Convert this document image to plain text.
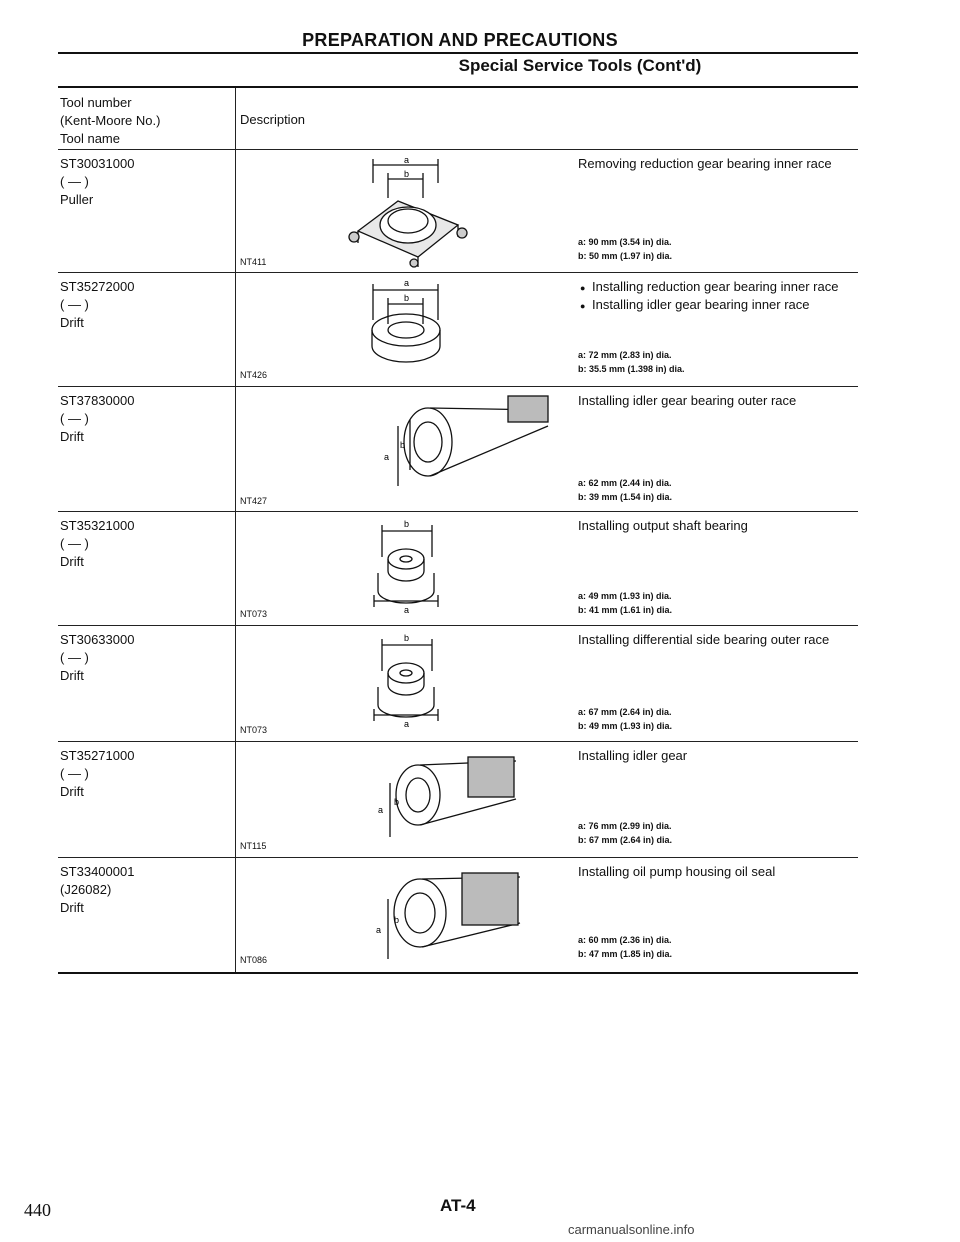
PREPARATION AND PRECAUTIONS
Special Service Tools (Cont'd)
Tool number
(Kent-Moore No.)
Tool name
Description
ST30031000
( — )
Puller
NT411
a
b
Removing reduction gear bearing inner race
a: 90 mm (3.54 in) dia.
b: 50 mm (1.97 in) dia.
ST35272000
( — )
Drift
NT426
a
b
● Installing reduction gear bearing inner race
● Installing idler gear bearing inner race
a: 72 mm (2.83 in) dia.
b: 35.5 mm (1.398 in) dia.
ST37830000
( — )
Drift
NT427
a
b
Installing idler gear bearing outer race
a: 62 mm (2.44 in) dia.
b: 39 mm (1.54 in) dia.
ST35321000
( — )
Drift
NT073
b
a
Installing output shaft bearing
a: 49 mm (1.93 in) dia.
b: 41 mm (1.61 in) dia.
ST30633000
( — )
Drift
NT073
b
a
Installing differential side bearing outer race
a: 67 mm (2.64 in) dia.
b: 49 mm (1.93 in) dia.
ST35271000
( — )
Drift
NT115
a
b
Installing idler gear
a: 76 mm (2.99 in) dia.
b: 67 mm (2.64 in) dia.
ST33400001
(J26082)
Drift
NT086
a
b
Installing oil pump housing oil seal
a: 60 mm (2.36 in) dia.
b: 47 mm (1.85 in) dia.
440	AT-4
carmanualsonline.info
